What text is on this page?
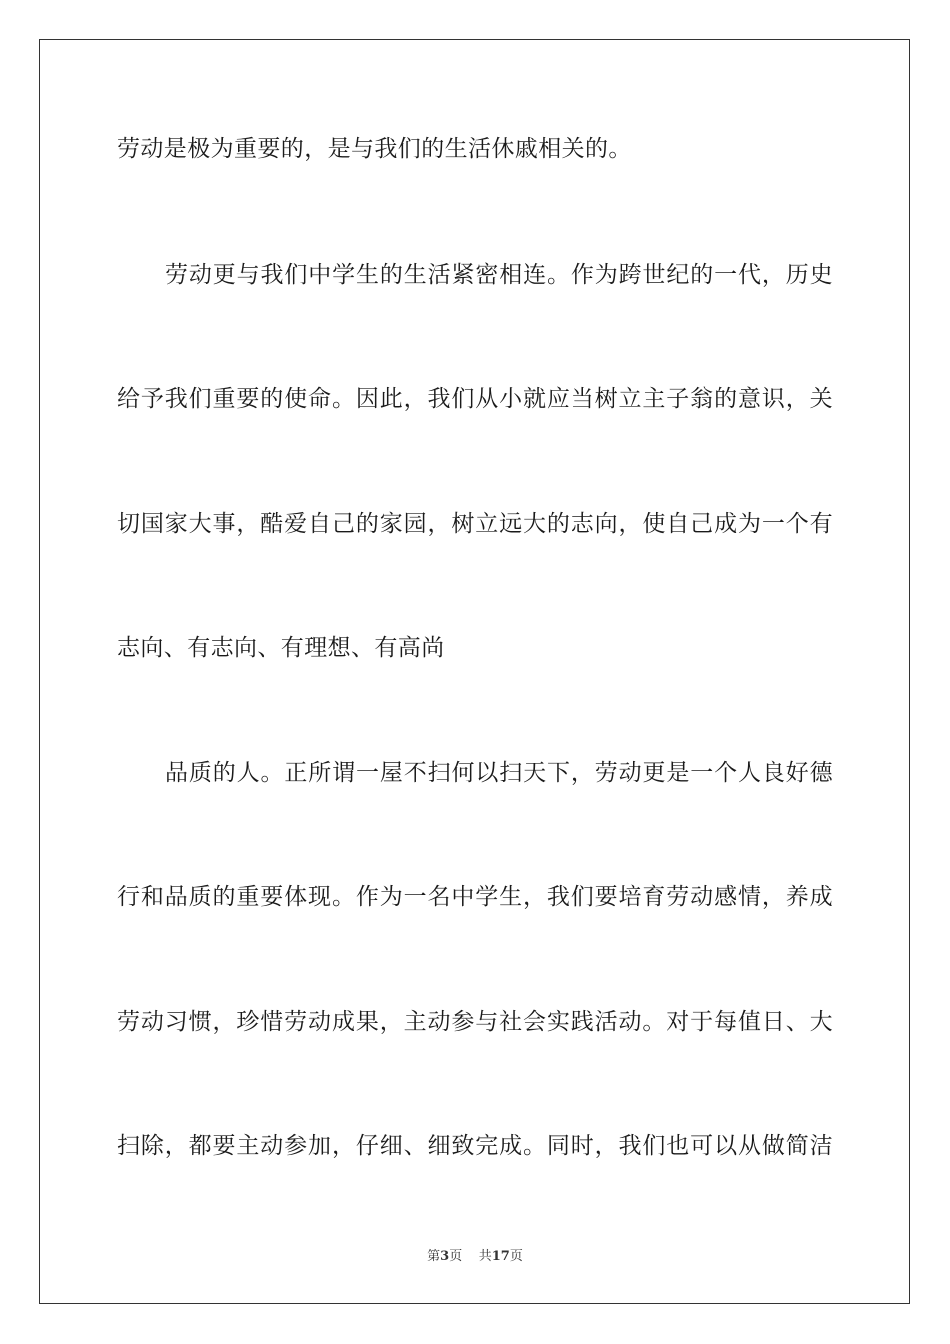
劳动是极为重要的，是与我们的生活休戚相关的。
劳动更与我们中学生的生活紧密相连。作为跨世纪的一代，历史
给予我们重要的使命。因此，我们从小就应当树立主子翁的意识，关
切国家大事，酷爱自己的家园，树立远大的志向，使自己成为一个有
志向、有志向、有理想、有高尚
品质的人。正所谓一屋不扫何以扫天下，劳动更是一个人良好德
行和品质的重要体现。作为一名中学生，我们要培育劳动感情，养成
劳动习惯，珍惜劳动成果，主动参与社会实践活动。对于每值日、大
扫除，都要主动参加，仔细、细致完成。同时，我们也可以从做简洁
第3页 共17页
